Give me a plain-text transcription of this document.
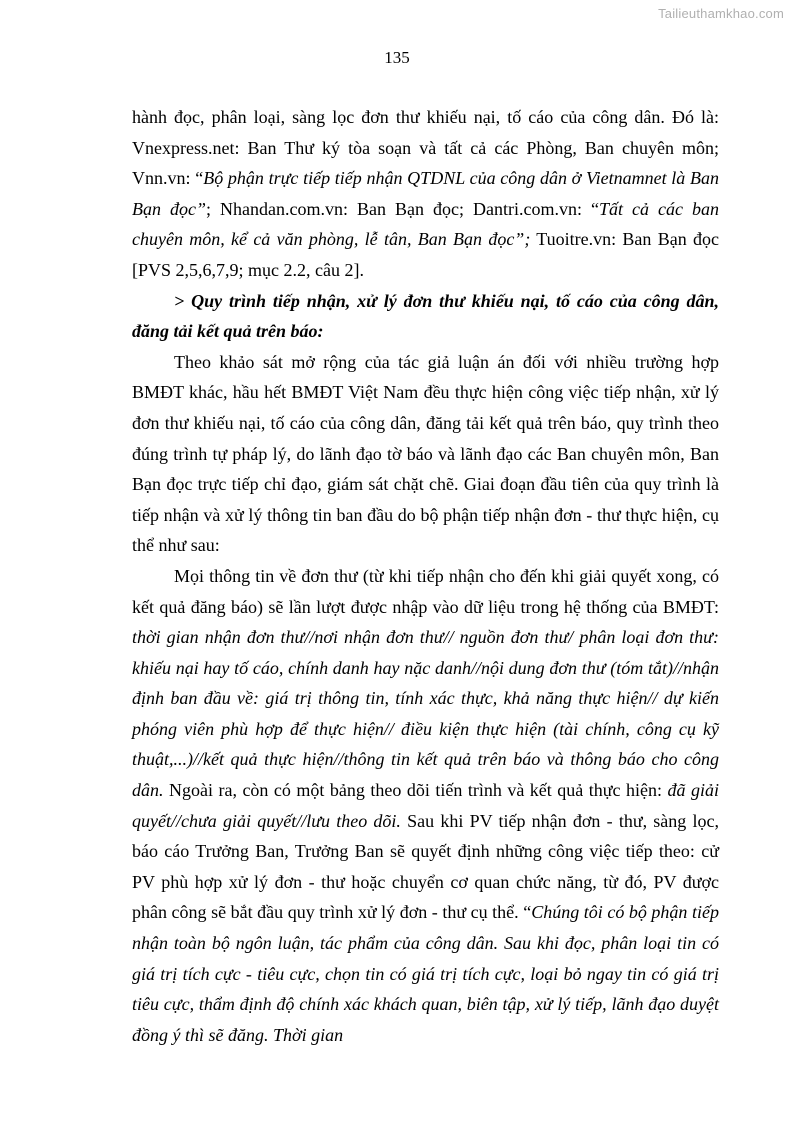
Tailieuthamkhao.com
135

hành đọc, phân loại, sàng lọc đơn thư khiếu nại, tố cáo của công dân. Đó là: Vnexpress.net: Ban Thư ký tòa soạn và tất cả các Phòng, Ban chuyên môn; Vnn.vn: “Bộ phận trực tiếp tiếp nhận QTDNL của công dân ở Vietnamnet là Ban Bạn đọc”; Nhandan.com.vn: Ban Bạn đọc; Dantri.com.vn: “Tất cả các ban chuyên môn, kể cả văn phòng, lễ tân, Ban Bạn đọc”; Tuoitre.vn: Ban Bạn đọc [PVS 2,5,6,7,9; mục 2.2, câu 2].

> Quy trình tiếp nhận, xử lý đơn thư khiếu nại, tố cáo của công dân, đăng tải kết quả trên báo:

Theo khảo sát mở rộng của tác giả luận án đối với nhiều trường hợp BMĐT khác, hầu hết BMĐT Việt Nam đều thực hiện công việc tiếp nhận, xử lý đơn thư khiếu nại, tố cáo của công dân, đăng tải kết quả trên báo, quy trình theo đúng trình tự pháp lý, do lãnh đạo tờ báo và lãnh đạo các Ban chuyên môn, Ban Bạn đọc trực tiếp chỉ đạo, giám sát chặt chẽ. Giai đoạn đầu tiên của quy trình là tiếp nhận và xử lý thông tin ban đầu do bộ phận tiếp nhận đơn - thư thực hiện, cụ thể như sau:

Mọi thông tin về đơn thư (từ khi tiếp nhận cho đến khi giải quyết xong, có kết quả đăng báo) sẽ lần lượt được nhập vào dữ liệu trong hệ thống của BMĐT: thời gian nhận đơn thư//nơi nhận đơn thư// nguồn đơn thư/ phân loại đơn thư: khiếu nại hay tố cáo, chính danh hay nặc danh//nội dung đơn thư (tóm tắt)//nhận định ban đầu về: giá trị thông tin, tính xác thực, khả năng thực hiện// dự kiến phóng viên phù hợp để thực hiện// điều kiện thực hiện (tài chính, công cụ kỹ thuật,...)//kết quả thực hiện//thông tin kết quả trên báo và thông báo cho công dân. Ngoài ra, còn có một bảng theo dõi tiến trình và kết quả thực hiện: đã giải quyết//chưa giải quyết//lưu theo dõi. Sau khi PV tiếp nhận đơn - thư, sàng lọc, báo cáo Trưởng Ban, Trưởng Ban sẽ quyết định những công việc tiếp theo: cử PV phù hợp xử lý đơn - thư hoặc chuyển cơ quan chức năng, từ đó, PV được phân công sẽ bắt đầu quy trình xử lý đơn - thư cụ thể. “Chúng tôi có bộ phận tiếp nhận toàn bộ ngôn luận, tác phẩm của công dân. Sau khi đọc, phân loại tin có giá trị tích cực - tiêu cực, chọn tin có giá trị tích cực, loại bỏ ngay tin có giá trị tiêu cực, thẩm định độ chính xác khách quan, biên tập, xử lý tiếp, lãnh đạo duyệt đồng ý thì sẽ đăng. Thời gian
